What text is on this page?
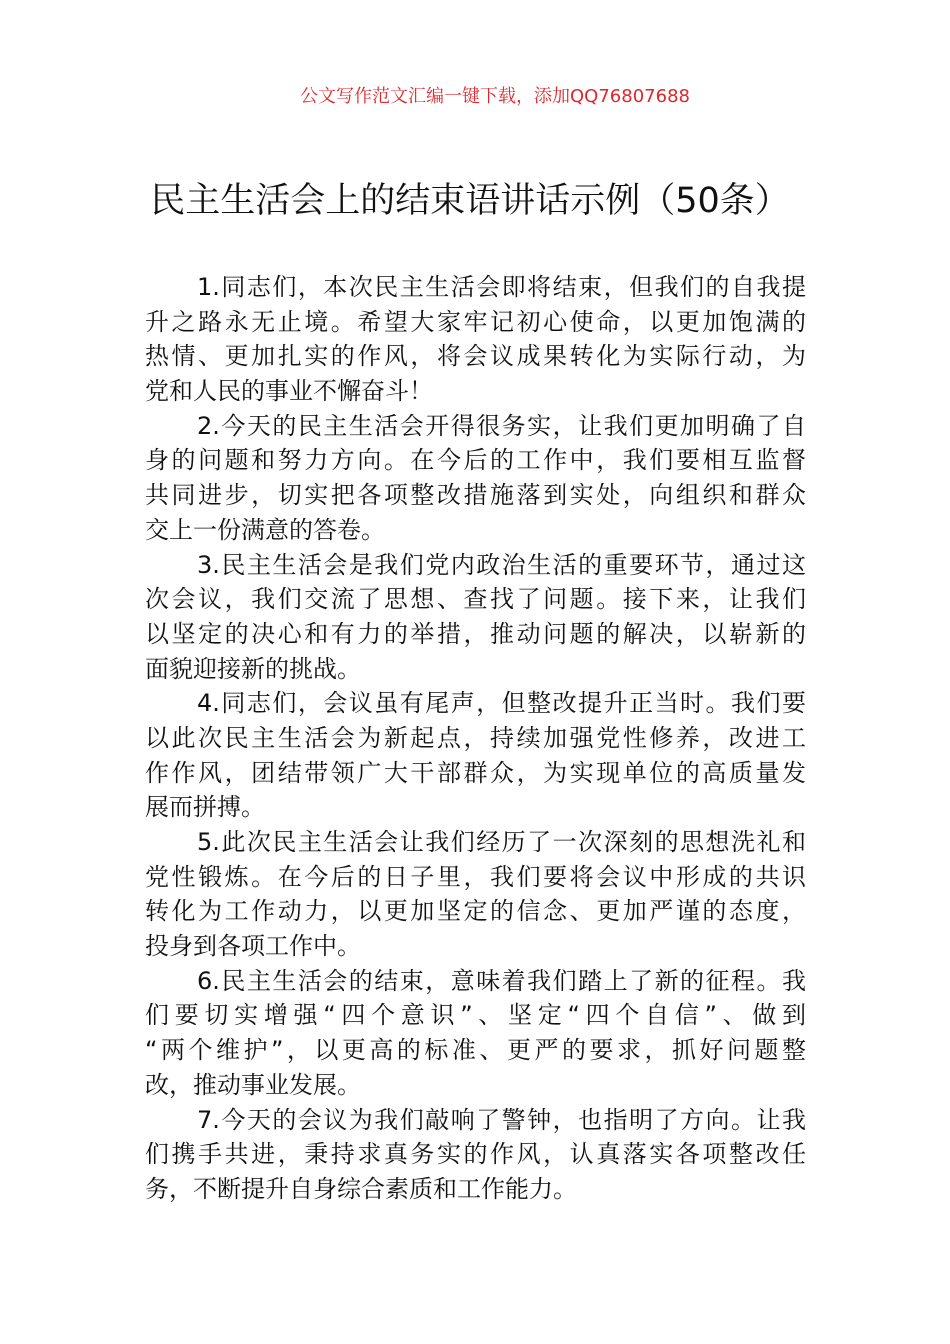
公文写作范文汇编一键下载，添加QQ76807688
民主生活会上的结束语讲话示例（50条）
1.同志们，本次民主生活会即将结束，但我们的自我提
升之路永无止境。希望大家牢记初心使命，以更加饱满的
热情、更加扎实的作风，将会议成果转化为实际行动，为
党和人民的事业不懈奋斗！
2.今天的民主生活会开得很务实，让我们更加明确了自
身的问题和努力方向。在今后的工作中，我们要相互监督
共同进步，切实把各项整改措施落到实处，向组织和群众
交上一份满意的答卷。
3.民主生活会是我们党内政治生活的重要环节，通过这
次会议，我们交流了思想、查找了问题。接下来，让我们
以坚定的决心和有力的举措，推动问题的解决，以崭新的
面貌迎接新的挑战。
4.同志们，会议虽有尾声，但整改提升正当时。我们要
以此次民主生活会为新起点，持续加强党性修养，改进工
作作风，团结带领广大干部群众，为实现单位的高质量发
展而拼搏。
5.此次民主生活会让我们经历了一次深刻的思想洗礼和
党性锻炼。在今后的日子里，我们要将会议中形成的共识
转化为工作动力，以更加坚定的信念、更加严谨的态度，
投身到各项工作中。
6.民主生活会的结束，意味着我们踏上了新的征程。我
们要切实增强“四个意识”、坚定“四个自信”、做到
“两个维护”，以更高的标准、更严的要求，抓好问题整
改，推动事业发展。
7.今天的会议为我们敲响了警钟，也指明了方向。让我
们携手共进，秉持求真务实的作风，认真落实各项整改任
务，不断提升自身综合素质和工作能力。
